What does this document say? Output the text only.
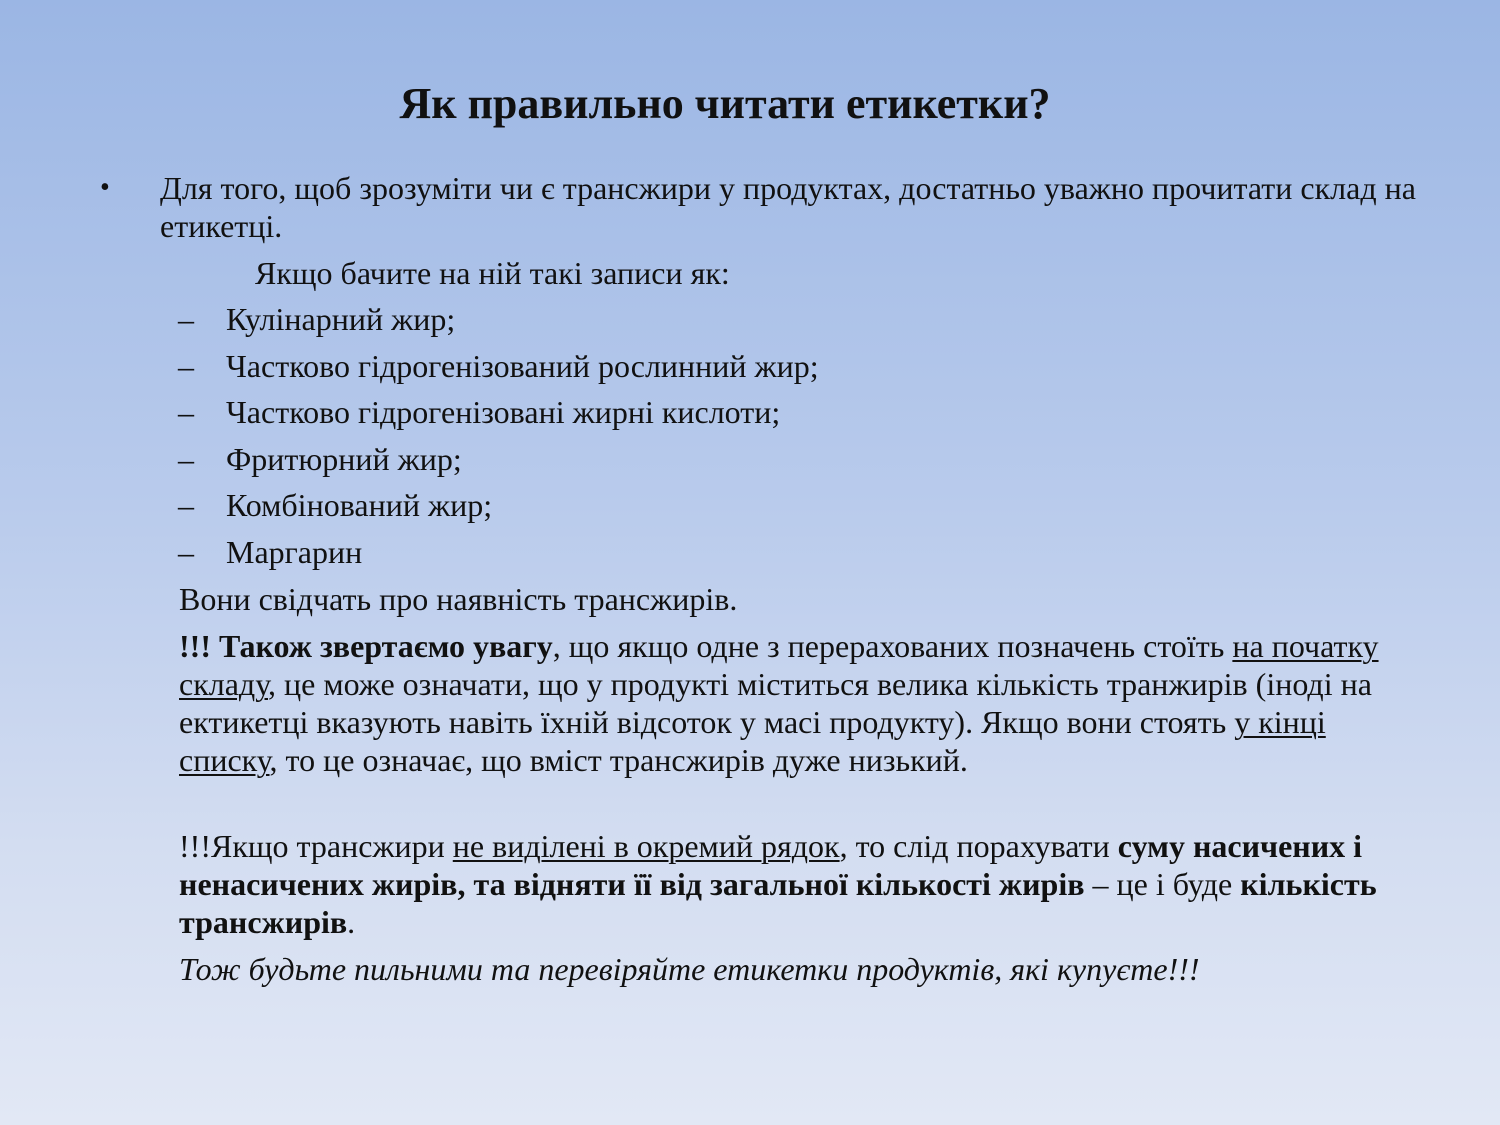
Як правильно читати етикетки?
•	Для того, щоб зрозуміти чи є трансжири у продуктах, достатньо уважно прочитати склад на етикетці.
Якщо бачите на ній такі записи як:
– Кулінарний жир;
– Частково гідрогенізований рослинний жир;
– Частково гідрогенізовані жирні кислоти;
– Фритюрний жир;
– Комбінований жир;
– Маргарин

Вони свідчать про наявність трансжирів.

!!! Також звертаємо увагу, що якщо одне з перерахованих позначень стоїть на початку складу, це може означати, що у продукті міститься велика кількість транжирів (іноді на ектикетці вказують навіть їхній відсоток у масі продукту). Якщо вони стоять у кінці списку, то це означає, що вміст трансжирів дуже низький.

!!!Якщо трансжири не виділені в окремий рядок, то слід порахувати суму насичених і ненасичених жирів, та відняти її від загальної кількості жирів – це і буде кількість трансжирів.

Тож будьте пильними та перевіряйте етикетки продуктів, які купуєте!!!
